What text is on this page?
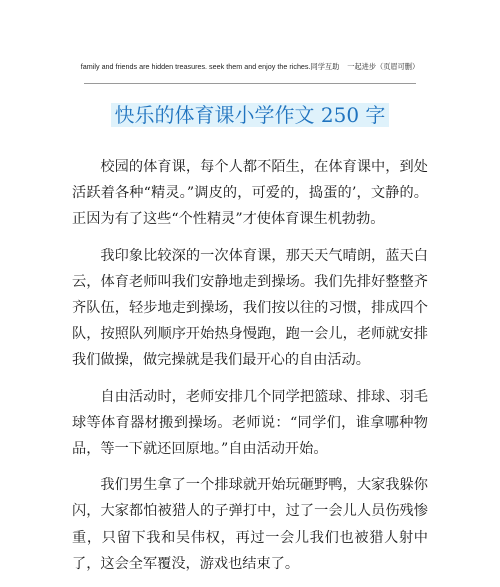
family and friends are hidden treasures. seek them and enjoy the riches.同学互助 一起进步（页眉可删）
快乐的体育课小学作文 250 字

校园的体育课，每个人都不陌生，在体育课中，到处活跃着各种“精灵。”调皮的，可爱的，捣蛋的’，文静的。正因为有了这些“个性精灵”才使体育课生机勃勃。

我印象比较深的一次体育课，那天天气晴朗，蓝天白云，体育老师叫我们安静地走到操场。我们先排好整整齐齐队伍，轻步地走到操场，我们按以往的习惯，排成四个队，按照队列顺序开始热身慢跑，跑一会儿，老师就安排我们做操，做完操就是我们最开心的自由活动。

自由活动时，老师安排几个同学把篮球、排球、羽毛球等体育器材搬到操场。老师说：“同学们，谁拿哪种物品，等一下就还回原地。”自由活动开始。

我们男生拿了一个排球就开始玩砸野鸭，大家我躲你闪，大家都怕被猎人的子弹打中，过了一会儿人员伤残惨重，只留下我和吴伟权，再过一会儿我们也被猎人射中了，这会全军覆没，游戏也结束了。
